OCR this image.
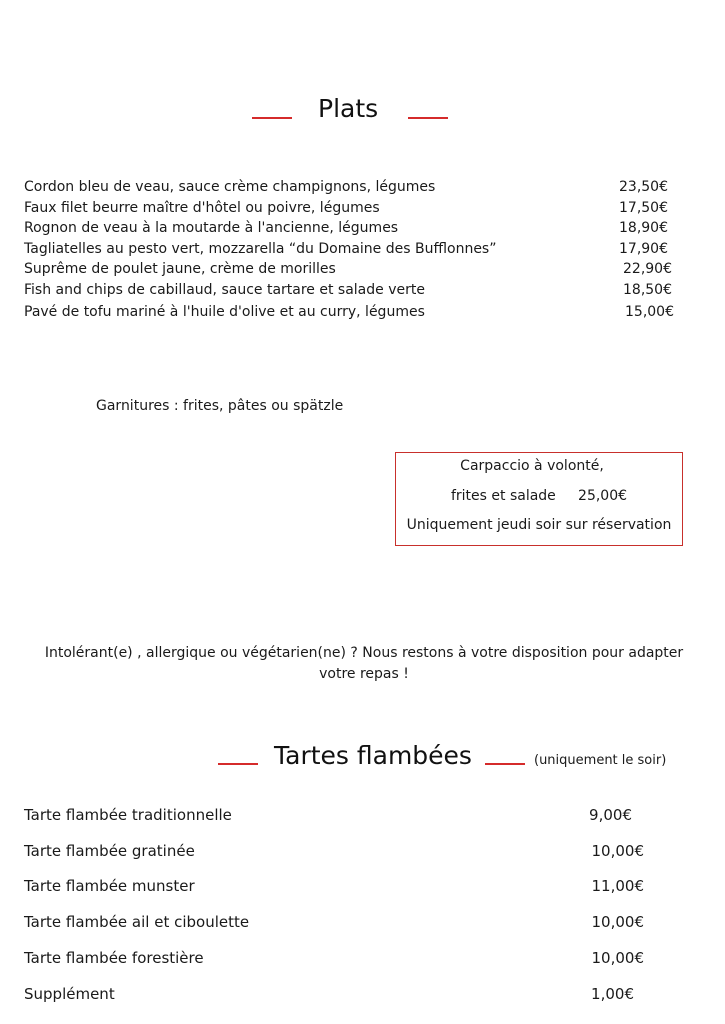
Plats
Cordon bleu de veau, sauce crème champignons, légumes	23,50€
Faux filet beurre maître d'hôtel ou poivre, légumes	17,50€
Rognon de veau à la moutarde à l'ancienne, légumes	18,90€
Tagliatelles au pesto vert, mozzarella “du Domaine des Bufflonnes”	17,90€
Suprême de poulet jaune, crème de morilles	22,90€
Fish and chips de cabillaud, sauce tartare et salade verte	18,50€
Pavé de tofu mariné à l'huile d'olive et au curry, légumes	15,00€
Garnitures : frites, pâtes ou spätzle
Carpaccio à volonté,
frites et salade     25,00€
Uniquement jeudi soir sur réservation
Intolérant(e) , allergique ou végétarien(ne) ? Nous restons à votre disposition pour adapter votre repas !
Tartes flambées	(uniquement le soir)
Tarte flambée traditionnelle	9,00€
Tarte flambée gratinée	10,00€
Tarte flambée munster	11,00€
Tarte flambée ail et ciboulette	10,00€
Tarte flambée forestière	10,00€
Supplément	1,00€
